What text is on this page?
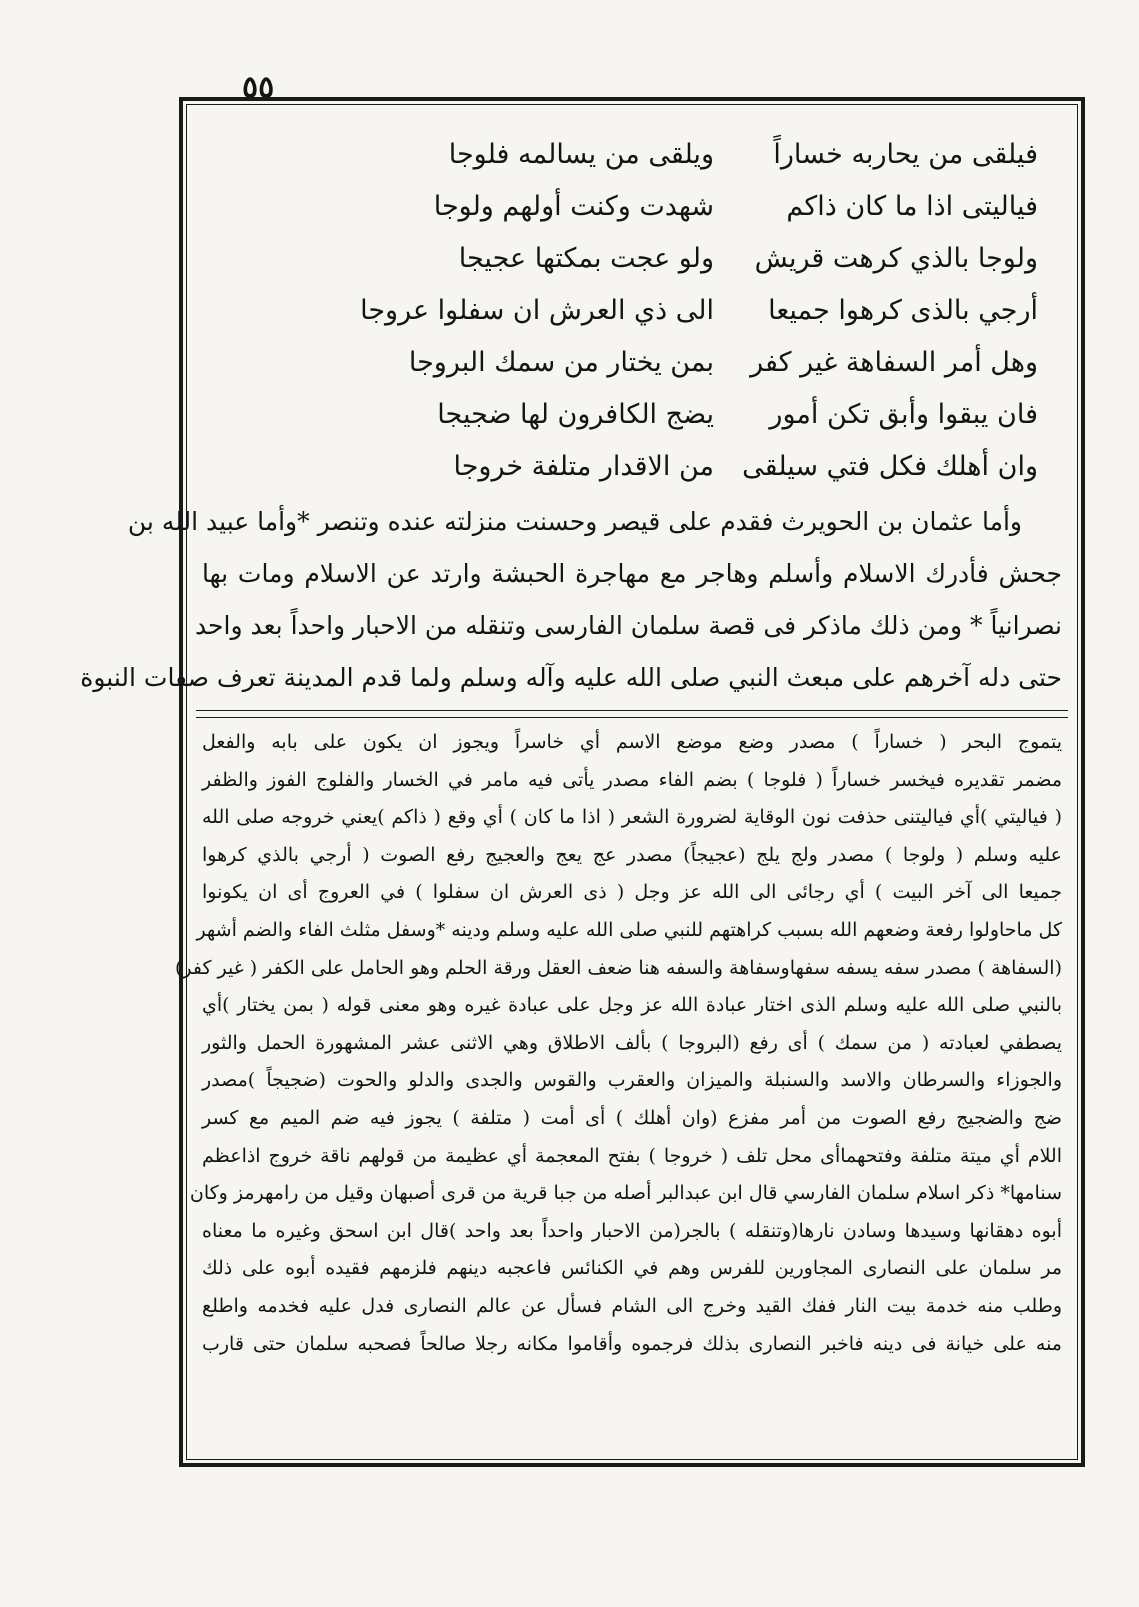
٥٥
فيلقى من يحاربه خساراً
ويلقى من يسالمه فلوجا
فياليتى اذا ما كان ذاكم
شهدت وكنت أولهم ولوجا
ولوجا بالذي كرهت قريش
ولو عجت بمكتها عجيجا
أرجي بالذى كرهوا جميعا
الى ذي العرش ان سفلوا عروجا
وهل أمر السفاهة غير كفر
بمن يختار من سمك البروجا
فان يبقوا وأبق تكن أمور
يضج الكافرون لها ضجيجا
وان أهلك فكل فتي سيلقى
من الاقدار متلفة خروجا
وأما عثمان بن الحويرث فقدم على قيصر وحسنت منزلته عنده وتنصر *وأما عبيد الله بن
جحش فأدرك الاسلام وأسلم وهاجر مع مهاجرة الحبشة وارتد عن الاسلام ومات بها
نصرانياً * ومن ذلك ماذكر فى قصة سلمان الفارسى وتنقله من الاحبار واحداً بعد واحد
حتى دله آخرهم على مبعث النبي صلى الله عليه وآله وسلم ولما قدم المدينة تعرف صفات النبوة
يتموج البحر ( خساراً ) مصدر وضع موضع الاسم أي خاسراً ويجوز ان يكون على بابه والفعل
مضمر تقديره فيخسر خساراً ( فلوجا ) بضم الفاء مصدر يأتى فيه مامر في الخسار والفلوج الفوز والظفر
( فياليتي )أي فياليتنى حذفت نون الوقاية لضرورة الشعر ( اذا ما كان ) أي وقع ( ذاكم )يعني خروجه صلى الله
عليه وسلم ( ولوجا ) مصدر ولج يلج (عجيجاً) مصدر عج يعج والعجيج رفع الصوت ( أرجي بالذي كرهوا
جميعا الى آخر البيت ) أي رجائى الى الله عز وجل ( ذى العرش ان سفلوا ) في العروج أى ان يكونوا
كل ماحاولوا رفعة وضعهم الله بسبب كراهتهم للنبي صلى الله عليه وسلم ودينه *وسفل مثلث الفاء والضم أشهر
(السفاهة ) مصدر سفه يسفه سفهاوسفاهة والسفه هنا ضعف العقل ورقة الحلم وهو الحامل على الكفر ( غير كفر)
بالنبي صلى الله عليه وسلم الذى اختار عبادة الله عز وجل على عبادة غيره وهو معنى قوله ( بمن يختار )أي
يصطفي لعبادته ( من سمك ) أى رفع (البروجا ) بألف الاطلاق وهي الاثنى عشر المشهورة الحمل والثور
والجوزاء والسرطان والاسد والسنبلة والميزان والعقرب والقوس والجدى والدلو والحوت (ضجيجاً )مصدر
ضج والضجيج رفع الصوت من أمر مفزع (وان أهلك ) أى أمت ( متلفة ) يجوز فيه ضم الميم مع كسر
اللام أي ميتة متلفة وفتحهماأى محل تلف ( خروجا ) بفتح المعجمة أي عظيمة من قولهم ناقة خروج اذاعظم
سنامها* ذكر اسلام سلمان الفارسي قال ابن عبدالبر أصله من جبا قرية من قرى أصبهان وقيل من رامهرمز وكان
أبوه دهقانها وسيدها وسادن نارها(وتنقله ) بالجر(من الاحبار واحداً بعد واحد )قال ابن اسحق وغيره ما معناه
مر سلمان على النصارى المجاورين للفرس وهم في الكنائس فاعجبه دينهم فلزمهم فقيده أبوه على ذلك
وطلب منه خدمة بيت النار ففك القيد وخرج الى الشام فسأل عن عالم النصارى فدل عليه فخدمه واطلع
منه على خيانة فى دينه فاخبر النصارى بذلك فرجموه وأقاموا مكانه رجلا صالحاً فصحبه سلمان حتى قارب
